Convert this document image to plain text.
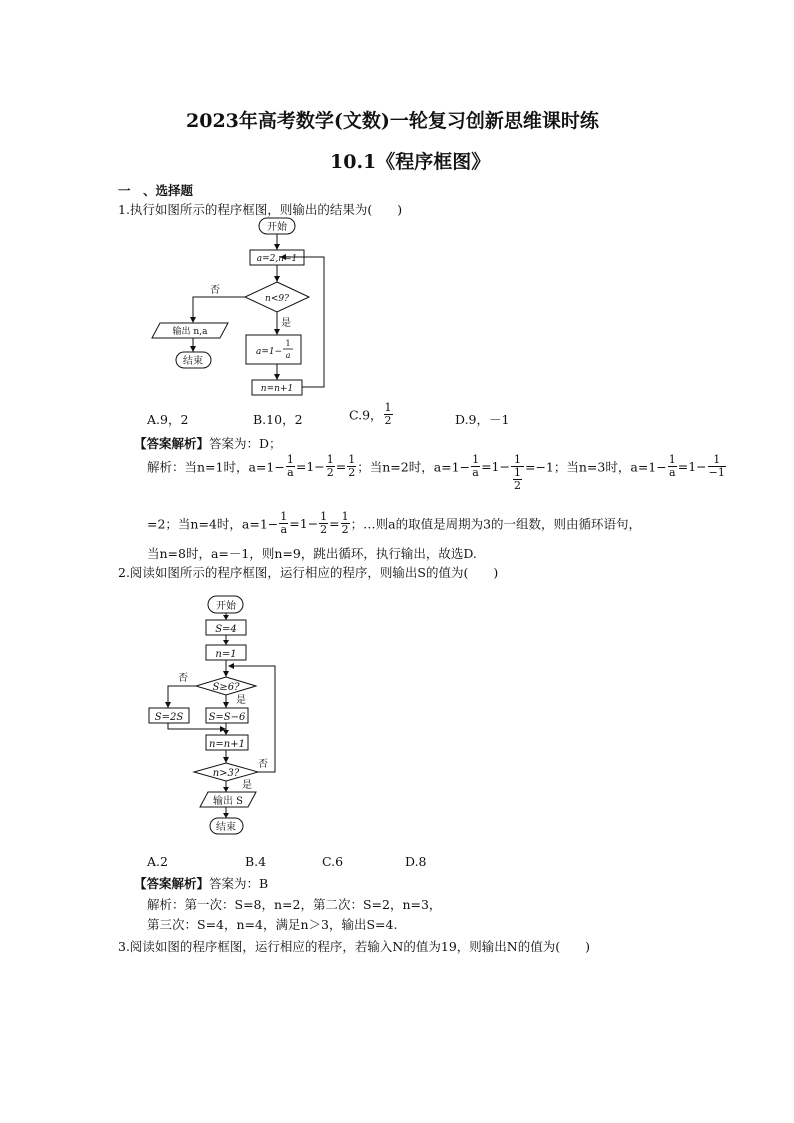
2023年高考数学(文数)一轮复习创新思维课时练
10.1《程序框图》
一　、选择题
1.执行如图所示的程序框图，则输出的结果为(　　)
开始
a=2,n=1
n<9?
否
是
a=1−
1
a
n=n+1
输出 n,a
结束
A.9，2	B.10，2	C.9， $\frac{1}{2}$	D.9，－1
【答案解析】答案为：D；
解析：当n=1时，$a=1- \frac{1}{a} =1- \frac{1}{2} = \frac{1}{2}$ ；当n=2时，$a=1- \frac{1}{a} =1- \frac{1}{\frac{1}{2}} =-1$；当n=3时，$a=1- \frac{1}{a} =1- \frac{1}{-1}$
=2；当n=4时，$a=1- \frac{1}{a} =1- \frac{1}{2} = \frac{1}{2}$ ；…则a的取值是周期为3的一组数，则由循环语句，
当n=8时，a=－1，则n=9，跳出循环，执行输出，故选D.
2.阅读如图所示的程序框图，运行相应的程序，则输出S的值为(　　)
开始
S=4
n=1
S≥6?
否
是
S=2S	S=S−6
n=n+1
n>3?
否
是
输出 S
结束
A.2	B.4	C.6	D.8
【答案解析】答案为：B
解析：第一次：S=8，n=2，第二次：S=2，n=3，
第三次：S=4，n=4，满足n＞3，输出S=4.
3.阅读如图的程序框图，运行相应的程序，若输入N的值为19，则输出N的值为(　　)
